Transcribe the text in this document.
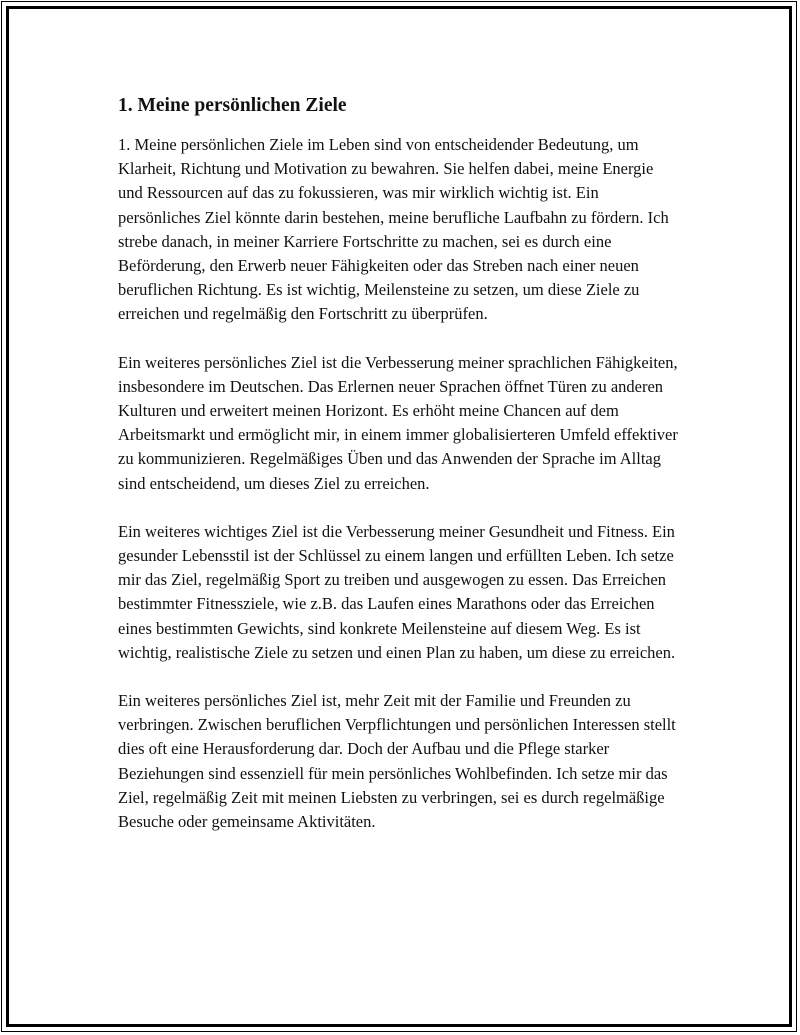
1. Meine persönlichen Ziele

1. Meine persönlichen Ziele im Leben sind von entscheidender Bedeutung, um Klarheit, Richtung und Motivation zu bewahren. Sie helfen dabei, meine Energie und Ressourcen auf das zu fokussieren, was mir wirklich wichtig ist. Ein persönliches Ziel könnte darin bestehen, meine berufliche Laufbahn zu fördern. Ich strebe danach, in meiner Karriere Fortschritte zu machen, sei es durch eine Beförderung, den Erwerb neuer Fähigkeiten oder das Streben nach einer neuen beruflichen Richtung. Es ist wichtig, Meilensteine zu setzen, um diese Ziele zu erreichen und regelmäßig den Fortschritt zu überprüfen.

Ein weiteres persönliches Ziel ist die Verbesserung meiner sprachlichen Fähigkeiten, insbesondere im Deutschen. Das Erlernen neuer Sprachen öffnet Türen zu anderen Kulturen und erweitert meinen Horizont. Es erhöht meine Chancen auf dem Arbeitsmarkt und ermöglicht mir, in einem immer globalisierteren Umfeld effektiver zu kommunizieren. Regelmäßiges Üben und das Anwenden der Sprache im Alltag sind entscheidend, um dieses Ziel zu erreichen.

Ein weiteres wichtiges Ziel ist die Verbesserung meiner Gesundheit und Fitness. Ein gesunder Lebensstil ist der Schlüssel zu einem langen und erfüllten Leben. Ich setze mir das Ziel, regelmäßig Sport zu treiben und ausgewogen zu essen. Das Erreichen bestimmter Fitnessziele, wie z.B. das Laufen eines Marathons oder das Erreichen eines bestimmten Gewichts, sind konkrete Meilensteine auf diesem Weg. Es ist wichtig, realistische Ziele zu setzen und einen Plan zu haben, um diese zu erreichen.

Ein weiteres persönliches Ziel ist, mehr Zeit mit der Familie und Freunden zu verbringen. Zwischen beruflichen Verpflichtungen und persönlichen Interessen stellt dies oft eine Herausforderung dar. Doch der Aufbau und die Pflege starker Beziehungen sind essenziell für mein persönliches Wohlbefinden. Ich setze mir das Ziel, regelmäßig Zeit mit meinen Liebsten zu verbringen, sei es durch regelmäßige Besuche oder gemeinsame Aktivitäten.
